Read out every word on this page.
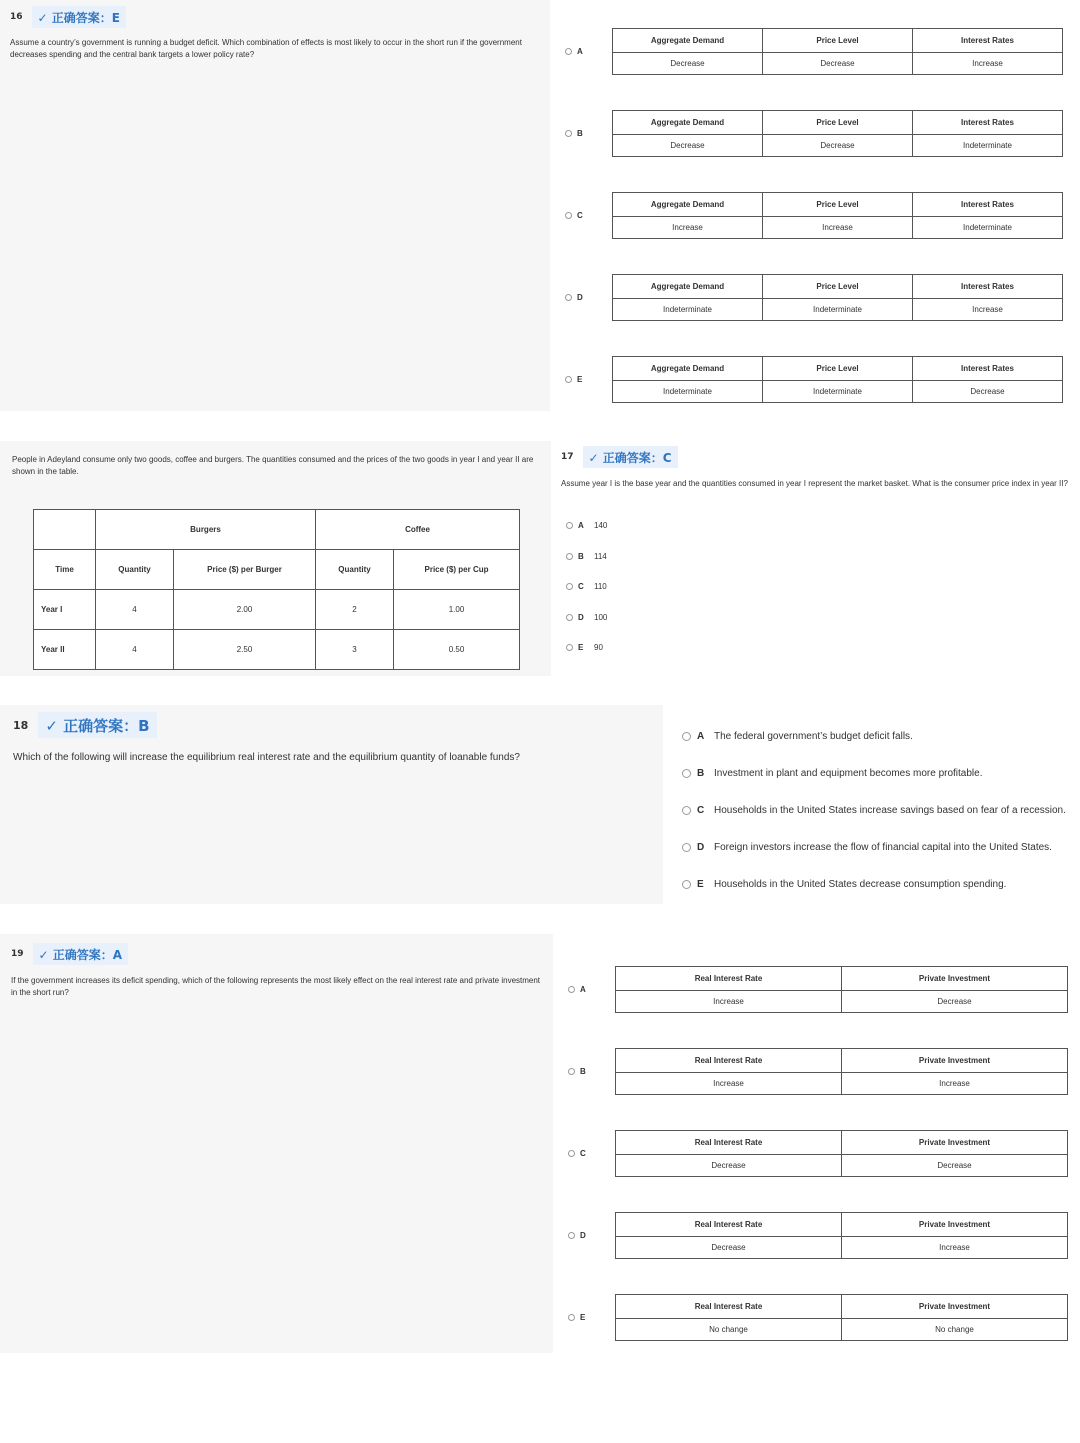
16	✓ 正确答案：E
Assume a country’s government is running a budget deficit. Which combination of effects is most likely to occur in the short run if the government decreases spending and the central bank targets a lower policy rate?	A
Aggregate Demand	Price Level	Interest Rates
Decrease	Decrease	Increase
B
Aggregate Demand	Price Level	Interest Rates
Decrease	Decrease	Indeterminate
C
Aggregate Demand	Price Level	Interest Rates
Increase	Increase	Indeterminate
D
Aggregate Demand	Price Level	Interest Rates
Indeterminate	Indeterminate	Increase
E
Aggregate Demand	Price Level	Interest Rates
Indeterminate	Indeterminate	Decrease
People in Adeyland consume only two goods, coffee and burgers. The quantities consumed and the prices of the two goods in year I and year II are shown in the table.
	Burgers		Coffee	
Time	Quantity	Price ($) per Burger	Quantity	Price ($) per Cup
Year I	4	2.00	2	1.00
Year II	4	2.50	3	0.50
17	✓ 正确答案：C
Assume year I is the base year and the quantities consumed in year I represent the market basket. What is the consumer price index in year II?
A	140
B	114
C	110
D	100
E	90
18	✓ 正确答案：B
Which of the following will increase the equilibrium real interest rate and the equilibrium quantity of loanable funds?
A The federal government’s budget deficit falls.
B Investment in plant and equipment becomes more profitable.
C Households in the United States increase savings based on fear of a recession.
D Foreign investors increase the flow of financial capital into the United States.
E	Households in the United States decrease consumption spending.
19	✓ 正确答案：A
If the government increases its deficit spending, which of the following represents the most likely effect on the real interest rate and private investment in the short run?	A
Real Interest Rate	Private Investment
Increase	Decrease
B
Real Interest Rate	Private Investment
Increase	Increase
C
Real Interest Rate	Private Investment
Decrease	Decrease
D
Real Interest Rate	Private Investment
Decrease	Increase
E
Real Interest Rate	Private Investment
No change	No change
